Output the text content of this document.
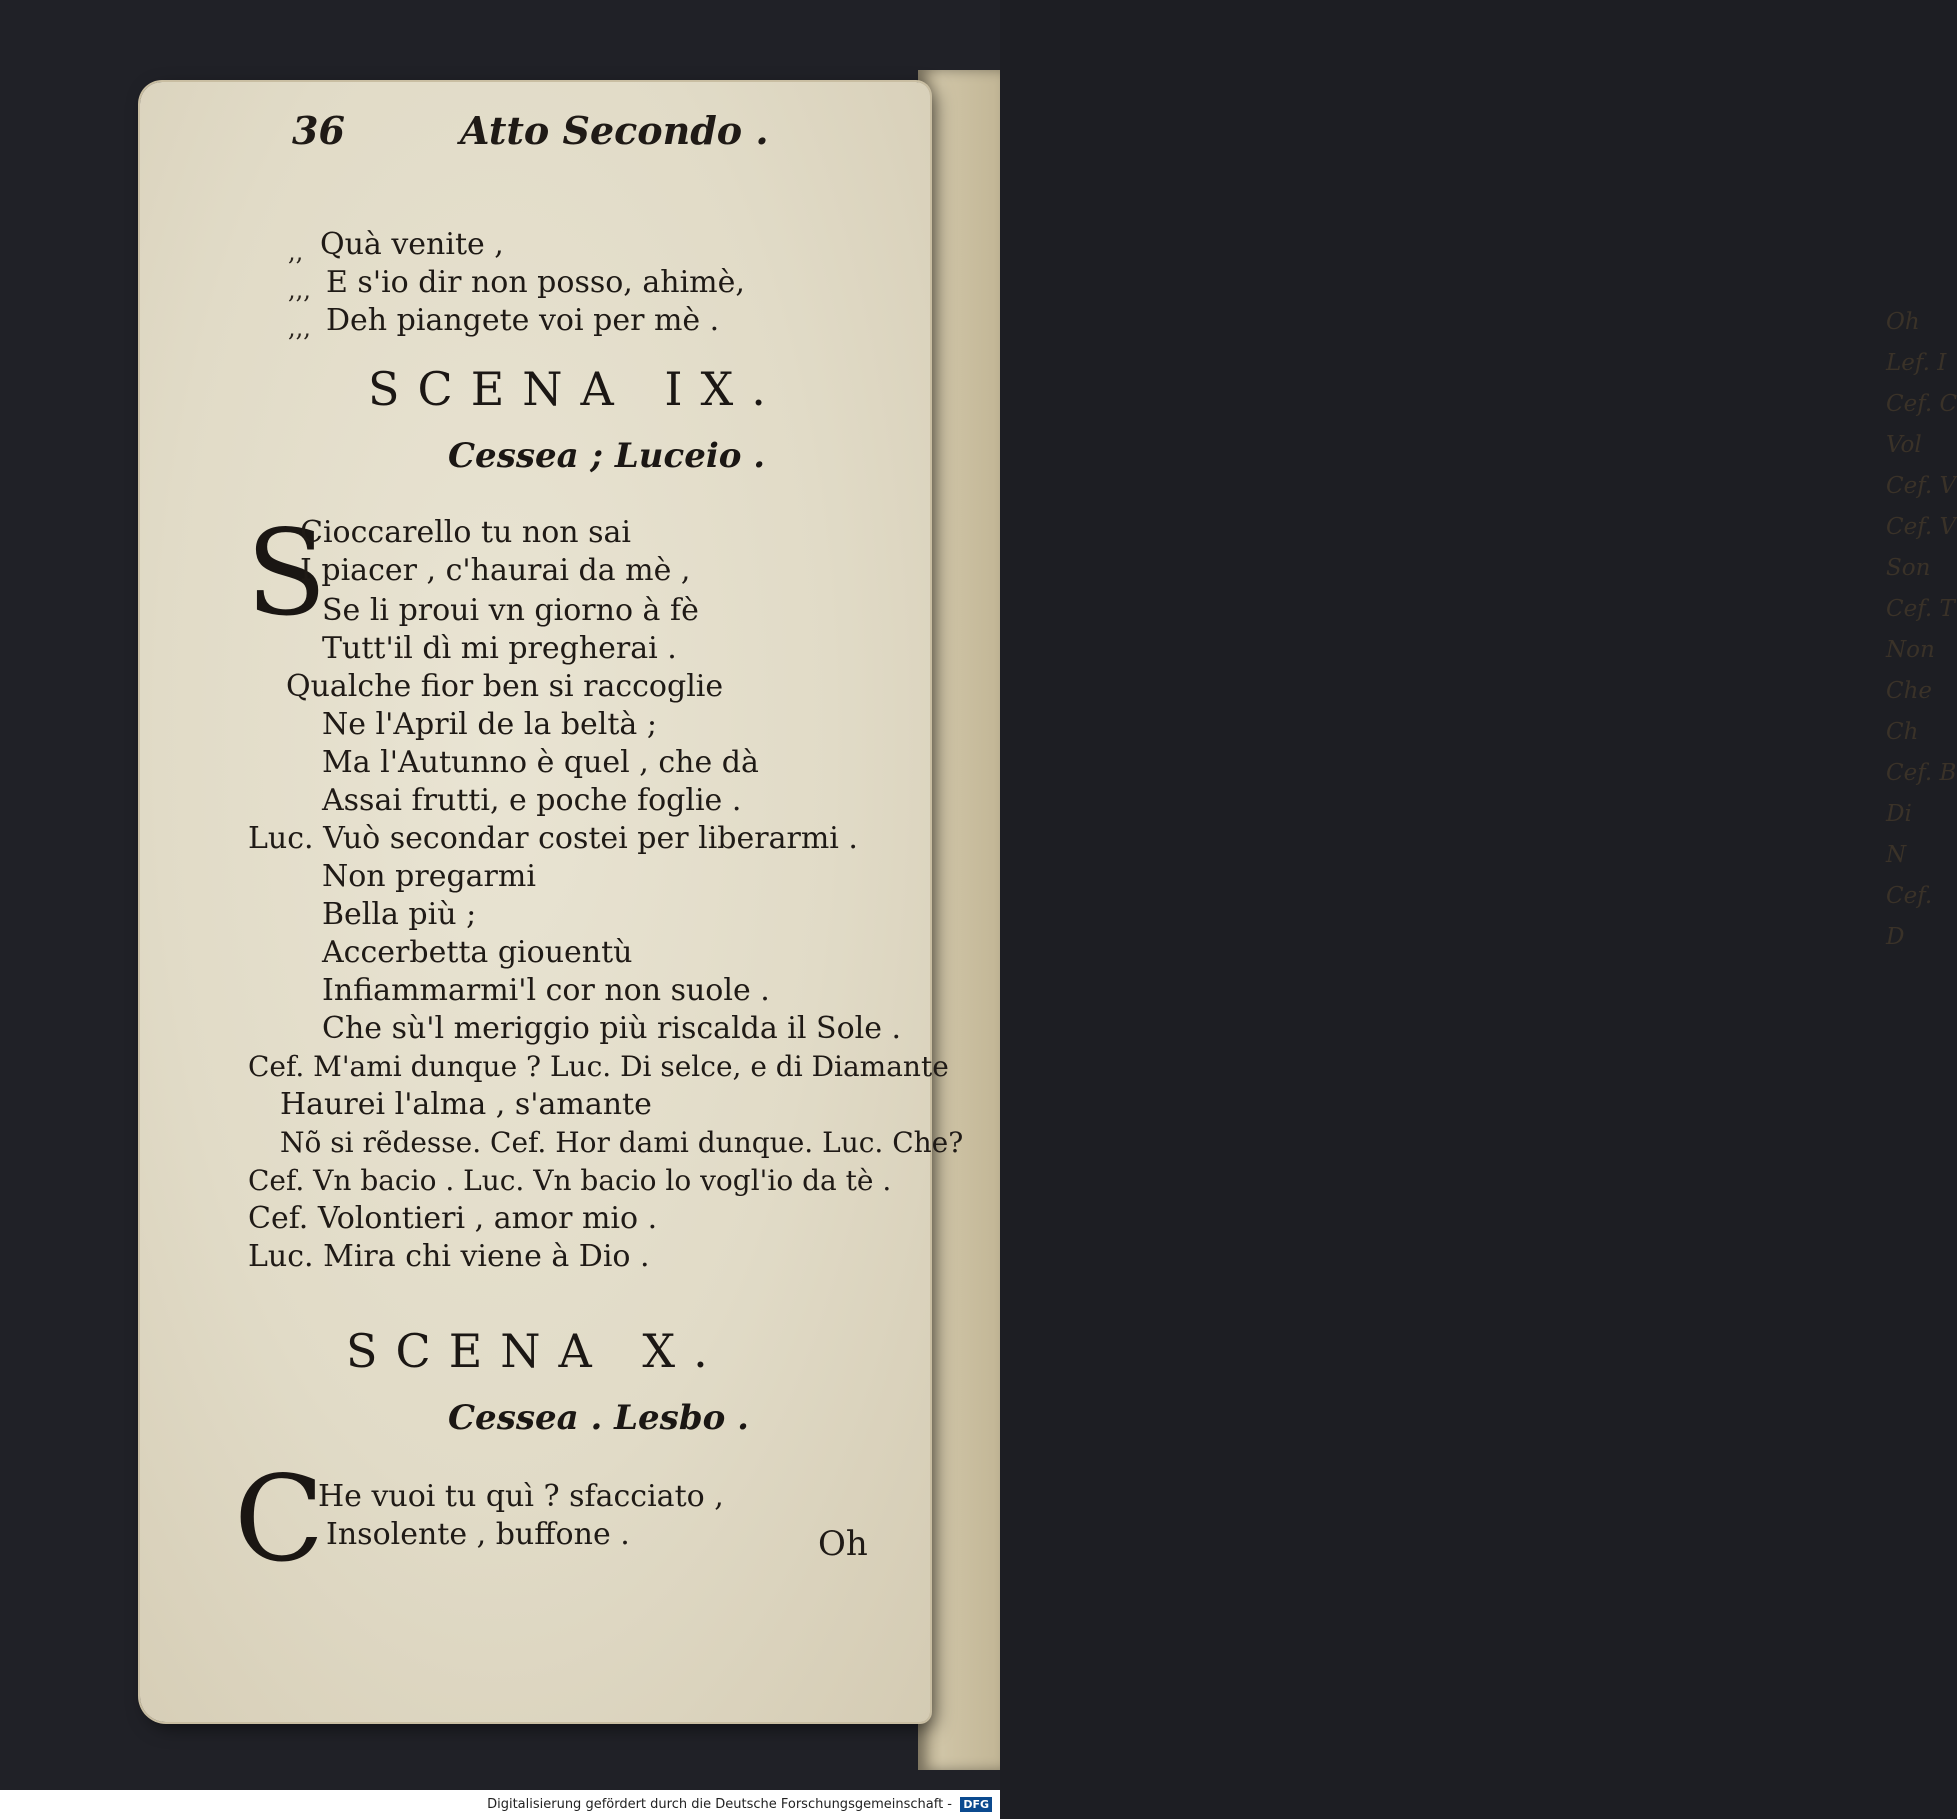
Oh
Lef. I
Cef. C
Vol
Cef. V
Cef. V
Son
Cef. T
Non
Che
Ch
Cef. B
Di
N
Cef.
D
36	Atto Secondo .
,, Quà venite ,
,,, E s'io dir non posso, ahimè,
,,, Deh piangete voi per mè .
SCENA IX.
Cessea ; Luceio .
S
Cioccarello tu non sai
I piacer , c'haurai da mè ,
Se li proui vn giorno à fè
Tutt'il dì mi pregherai .
Qualche fior ben si raccoglie
Ne l'April de la beltà ;
Ma l'Autunno è quel , che dà
Assai frutti, e poche foglie .
Luc. Vuò secondar costei per liberarmi .
Non pregarmi
Bella più ;
Accerbetta giouentù
Infiammarmi'l cor non suole .
Che sù'l meriggio più riscalda il Sole .
Cef. M'ami dunque ? Luc. Di selce, e di Diamante
Haurei l'alma , s'amante
Nõ si rẽdesse. Cef. Hor dami dunque. Luc. Che?
Cef. Vn bacio . Luc. Vn bacio lo vogl'io da tè .
Cef. Volontieri , amor mio .
Luc. Mira chi viene à Dio .
SCENA X.
Cessea . Lesbo .
C
He vuoi tu quì ? sfacciato ,
Insolente , buffone .	Oh
Digitalisierung gefördert durch die Deutsche Forschungsgemeinschaft - DFG
